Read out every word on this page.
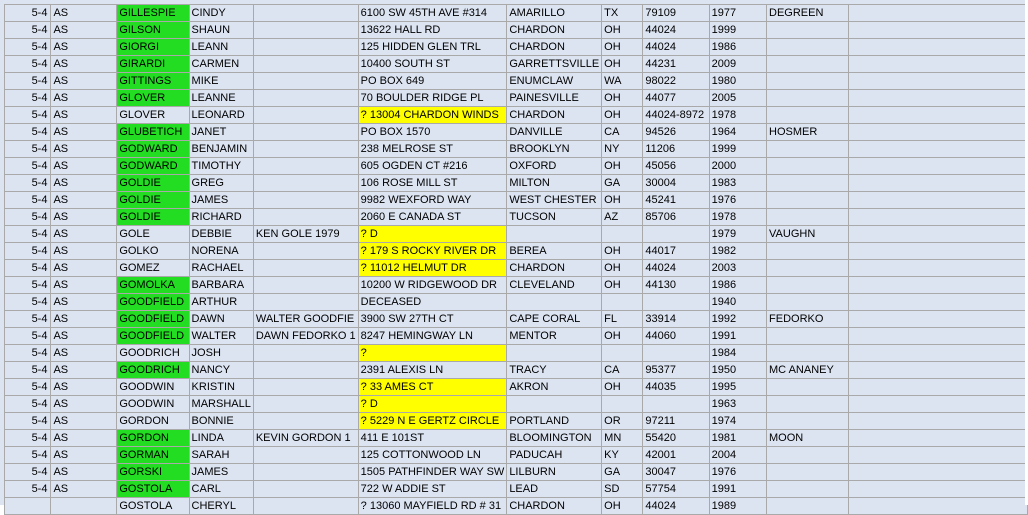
5-4	AS	GILLESPIE	CINDY		6100 SW 45TH AVE #314	AMARILLO	TX	79109	1977	DEGREEN	
5-4	AS	GILSON	SHAUN		13622 HALL RD	CHARDON	OH	44024	1999		
5-4	AS	GIORGI	LEANN		125 HIDDEN GLEN TRL	CHARDON	OH	44024	1986		
5-4	AS	GIRARDI	CARMEN		10400 SOUTH ST	GARRETTSVILLE	OH	44231	2009		
5-4	AS	GITTINGS	MIKE		PO BOX 649	ENUMCLAW	WA	98022	1980		
5-4	AS	GLOVER	LEANNE		70 BOULDER RIDGE PL	PAINESVILLE	OH	44077	2005		
5-4	AS	GLOVER	LEONARD		? 13004 CHARDON WINDS	CHARDON	OH	44024-8972	1978		
5-4	AS	GLUBETICH	JANET		PO BOX 1570	DANVILLE	CA	94526	1964	HOSMER	
5-4	AS	GODWARD	BENJAMIN		238 MELROSE ST	BROOKLYN	NY	11206	1999		
5-4	AS	GODWARD	TIMOTHY		605 OGDEN CT #216	OXFORD	OH	45056	2000		
5-4	AS	GOLDIE	GREG		106 ROSE MILL ST	MILTON	GA	30004	1983		
5-4	AS	GOLDIE	JAMES		9982 WEXFORD WAY	WEST CHESTER	OH	45241	1976		
5-4	AS	GOLDIE	RICHARD		2060 E CANADA ST	TUCSON	AZ	85706	1978		
5-4	AS	GOLE	DEBBIE	KEN GOLE 1979	? D				1979	VAUGHN	
5-4	AS	GOLKO	NORENA		? 179 S ROCKY RIVER DR	BEREA	OH	44017	1982		
5-4	AS	GOMEZ	RACHAEL		? 11012 HELMUT DR	CHARDON	OH	44024	2003		
5-4	AS	GOMOLKA	BARBARA		10200 W RIDGEWOOD DR	CLEVELAND	OH	44130	1986		
5-4	AS	GOODFIELD	ARTHUR		DECEASED				1940		
5-4	AS	GOODFIELD	DAWN	WALTER GOODFIE	3900 SW 27TH CT	CAPE CORAL	FL	33914	1992	FEDORKO	
5-4	AS	GOODFIELD	WALTER	DAWN FEDORKO 1	8247 HEMINGWAY LN	MENTOR	OH	44060	1991		
5-4	AS	GOODRICH	JOSH		?				1984		
5-4	AS	GOODRICH	NANCY		2391 ALEXIS LN	TRACY	CA	95377	1950	MC ANANEY	
5-4	AS	GOODWIN	KRISTIN		? 33 AMES CT	AKRON	OH	44035	1995		
5-4	AS	GOODWIN	MARSHALL		? D				1963		
5-4	AS	GORDON	BONNIE		? 5229 N E GERTZ CIRCLE	PORTLAND	OR	97211	1974		
5-4	AS	GORDON	LINDA	KEVIN GORDON 1	411 E 101ST	BLOOMINGTON	MN	55420	1981	MOON	
5-4	AS	GORMAN	SARAH		125 COTTONWOOD LN	PADUCAH	KY	42001	2004		
5-4	AS	GORSKI	JAMES		1505 PATHFINDER WAY SW	LILBURN	GA	30047	1976		
5-4	AS	GOSTOLA	CARL		722 W ADDIE ST	LEAD	SD	57754	1991		
		GOSTOLA	CHERYL		? 13060 MAYFIELD RD # 31	CHARDON	OH	44024	1989		
